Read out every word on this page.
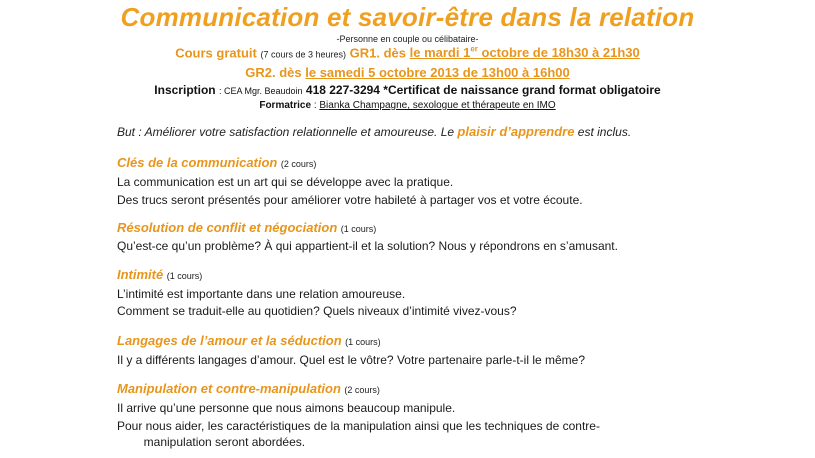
Communication et savoir-être dans la relation
-Personne en couple ou célibataire-
Cours gratuit (7 cours de 3 heures) GR1. dès le mardi 1er octobre de 18h30 à 21h30
GR2. dès le samedi 5 octobre 2013 de 13h00 à 16h00
Inscription : CEA Mgr. Beaudoin 418 227-3294 *Certificat de naissance grand format obligatoire
Formatrice : Bianka Champagne, sexologue et thérapeute en IMO
But : Améliorer votre satisfaction relationnelle et amoureuse. Le plaisir d’apprendre est inclus.
Clés de la communication (2 cours)
La communication est un art qui se développe avec la pratique.
Des trucs seront présentés pour améliorer votre habileté à partager vos et votre écoute.
Résolution de conflit et négociation (1 cours)
Qu’est-ce qu’un problème? À qui appartient-il et la solution? Nous y répondrons en s’amusant.
Intimité (1 cours)
L’intimité est importante dans une relation amoureuse.
Comment se traduit-elle au quotidien? Quels niveaux d’intimité vivez-vous?
Langages de l’amour et la séduction (1 cours)
Il y a différents langages d’amour. Quel est le vôtre? Votre partenaire parle-t-il le même?
Manipulation et contre-manipulation (2 cours)
Il arrive qu’une personne que nous aimons beaucoup manipule.
Pour nous aider, les caractéristiques de la manipulation ainsi que les techniques de contre-
manipulation seront abordées.
